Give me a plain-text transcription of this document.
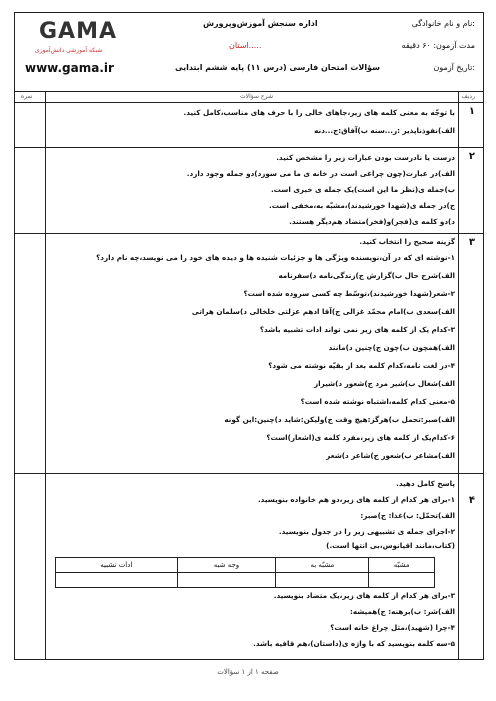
GAMA
شبکه آموزشی دانش‌آموزی
www.gama.ir
نام و نام خانوادگی:
مدت آزمون: ۶۰ دقیقه
تاریخ آزمون:
اداره سنجش آموزش‌وپرورش
استان.....
سؤالات امتحان فارسی (درس ۱۱) پایه ششم ابتدایی
ردیف
شرح سؤالات
نمره
۱
با توجّه به معنی کلمه های زیر،جاهای خالی را با حرف های مناسب،کامل کنید.
الف)نفوذناپذیر :ر...سنه ب)آفاق:ج...دنه
۲
درست یا نادرست بودن عبارات زیر را مشخص کنید.
الف)در عبارت(چون چراغی است در خانه ی ما می سوزد)دو جمله وجود دارد.
ب)جمله ی(نظر ما این است)یک جمله ی خبری است.
ج)در جمله ی(شهدا خورشیدند)،مشبّه به،مخفی است.
د)دو کلمه ی(فجر)و(فخر)متضاد هم‌دیگر هستند.
۳
گزینه صحیح را انتخاب کنید.
۱-نوشته ای که در آن،نویسنده ویژگی ها و جزئیات شنیده ها و دیده های خود را می نویسد،چه نام دارد؟
الف)شرح حال ب)گزارش ج)زندگی‌نامه د)سفرنامه
۲-شعر(شهدا خورشیدند)،توسّط چه کسی سروده شده است؟
الف)سعدی ب)امام محمّد غزالی ج)آقا ادهم عزلتی خلخالی د)سلمان هراتی
۳-کدام یک از کلمه های زیر نمی تواند ادات تشبیه باشد؟
الف)همچون ب)چون ج)چنین د)مانند
۴-در لغت نامه،کدام کلمه بعد از بقیّه نوشته می شود؟
الف)شغال ب)شیر مرد ج)شعور د)شیراز
۵-معنی کدام کلمه،اشتباه نوشته شده است؟
الف)صبر:تحمل ب)هرگز:هیچ وقت ج)ولیکن:شاید د)چنین:این گونه
۶-کدام‌یک از کلمه های زیر،مفرد کلمه ی(اشعار)است؟
الف)مشاعر ب)شعور ج)شاعر د)شعر
۴
پاسخ کامل دهید.
۱-برای هر کدام از کلمه های زیر،دو هم خانواده بنویسید.
الف)تحمّل: ب)غذا: ج)صبر:
۲-اجزای جمله ی تشبیهی زیر را در جدول بنویسید.
(کتاب،مانند اقیانوس،بی انتها است.)
ادات تشبیه	وجه شبه	مشبّه به	مشبّه

۳-برای هر کدام از کلمه های زیر،یک متضاد بنویسید.
الف)شر: ب)برهنه: ج)همیشه:
۴-چرا (شهید)،مثل چراغ خانه است؟
۵-سه کلمه بنویسید که با واژه ی(داستان)،هم قافیه باشد.
صفحه ۱ از ۱ سؤالات
